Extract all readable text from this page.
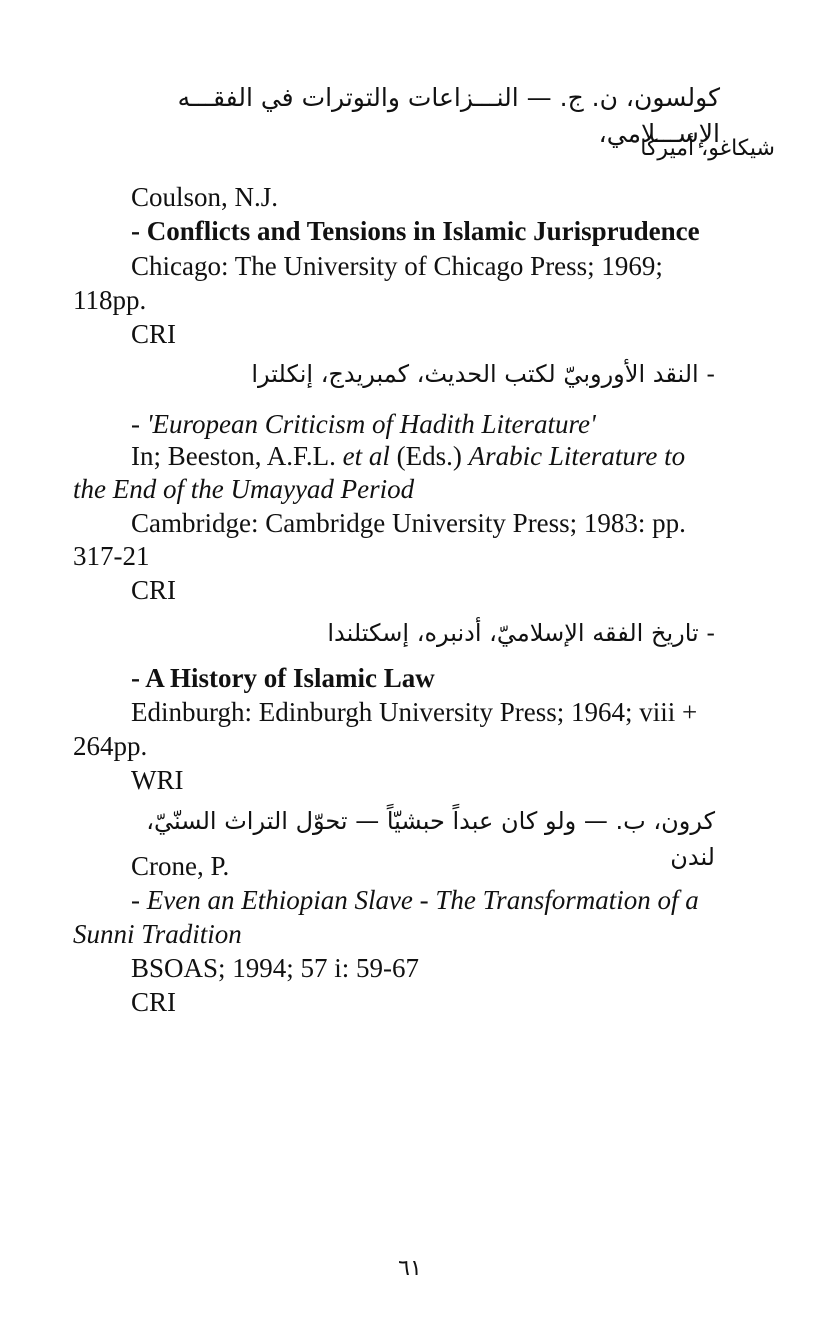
كولسون، ن. ج. — النـــزاعات والتوترات في الفقـــه الإســـلامي،
شيكاغو، أميركا
Coulson, N.J.
- Conflicts and Tensions in Islamic Jurisprudence
Chicago: The University of Chicago Press; 1969;
118pp.
CRI
- النقد الأوروبيّ لكتب الحديث، كمبريدج، إنكلترا
- 'European Criticism of Hadith Literature'
In; Beeston, A.F.L. et al (Eds.) Arabic Literature to
the End of the Umayyad Period
Cambridge: Cambridge University Press; 1983: pp.
317-21
CRI
- تاريخ الفقه الإسلاميّ، أدنبره، إسكتلندا
- A History of Islamic Law
Edinburgh: Edinburgh University Press; 1964; viii +
264pp.
WRI
كرون، ب. — ولو كان عبداً حبشيّاً — تحوّل التراث السنّيّ، لندن
Crone, P.
- Even an Ethiopian Slave - The Transformation of a
Sunni Tradition
BSOAS; 1994; 57 i: 59-67
CRI
٦١
